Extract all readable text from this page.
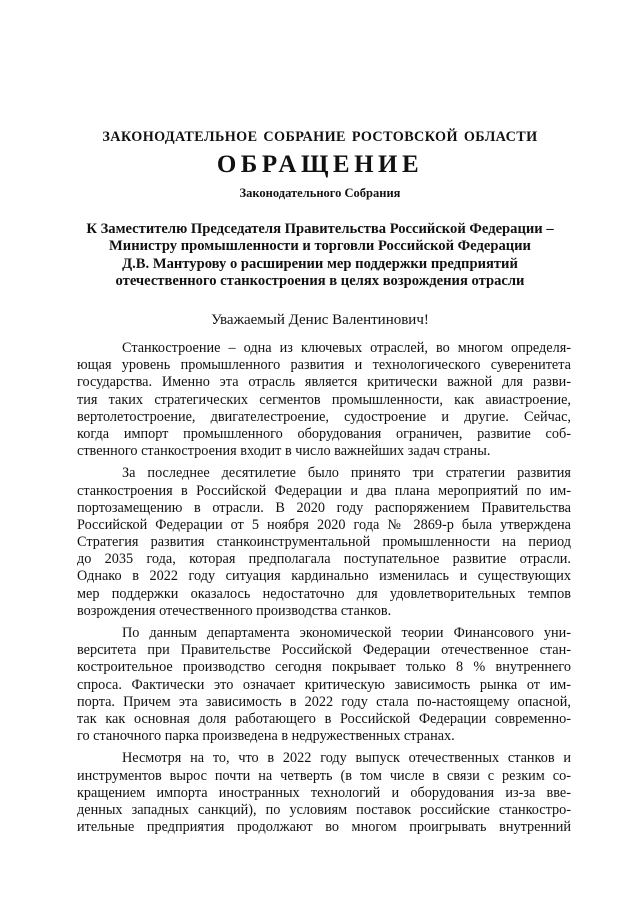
ЗАКОНОДАТЕЛЬНОЕ СОБРАНИЕ РОСТОВСКОЙ ОБЛАСТИ
ОБРАЩЕНИЕ
Законодательного Собрания
К Заместителю Председателя Правительства Российской Федерации –
Министру промышленности и торговли Российской Федерации
Д.В. Мантурову о расширении мер поддержки предприятий
отечественного станкостроения в целях возрождения отрасли
Уважаемый Денис Валентинович!
Станкостроение – одна из ключевых отраслей, во многом определя-
ющая уровень промышленного развития и технологического суверенитета
государства. Именно эта отрасль является критически важной для разви-
тия таких стратегических сегментов промышленности, как авиастроение,
вертолетостроение, двигателестроение, судостроение и другие. Сейчас,
когда импорт промышленного оборудования ограничен, развитие соб-
ственного станкостроения входит в число важнейших задач страны.
За последнее десятилетие было принято три стратегии развития
станкостроения в Российской Федерации и два плана мероприятий по им-
портозамещению в отрасли. В 2020 году распоряжением Правительства
Российской Федерации от 5 ноября 2020 года № 2869-р была утверждена
Стратегия развития станкоинструментальной промышленности на период
до 2035 года, которая предполагала поступательное развитие отрасли.
Однако в 2022 году ситуация кардинально изменилась и существующих
мер поддержки оказалось недостаточно для удовлетворительных темпов
возрождения отечественного производства станков.
По данным департамента экономической теории Финансового уни-
верситета при Правительстве Российской Федерации отечественное стан-
костроительное производство сегодня покрывает только 8 % внутреннего
спроса. Фактически это означает критическую зависимость рынка от им-
порта. Причем эта зависимость в 2022 году стала по-настоящему опасной,
так как основная доля работающего в Российской Федерации современно-
го станочного парка произведена в недружественных странах.
Несмотря на то, что в 2022 году выпуск отечественных станков и
инструментов вырос почти на четверть (в том числе в связи с резким со-
кращением импорта иностранных технологий и оборудования из-за вве-
денных западных санкций), по условиям поставок российские станкостро-
ительные предприятия продолжают во многом проигрывать внутренний
